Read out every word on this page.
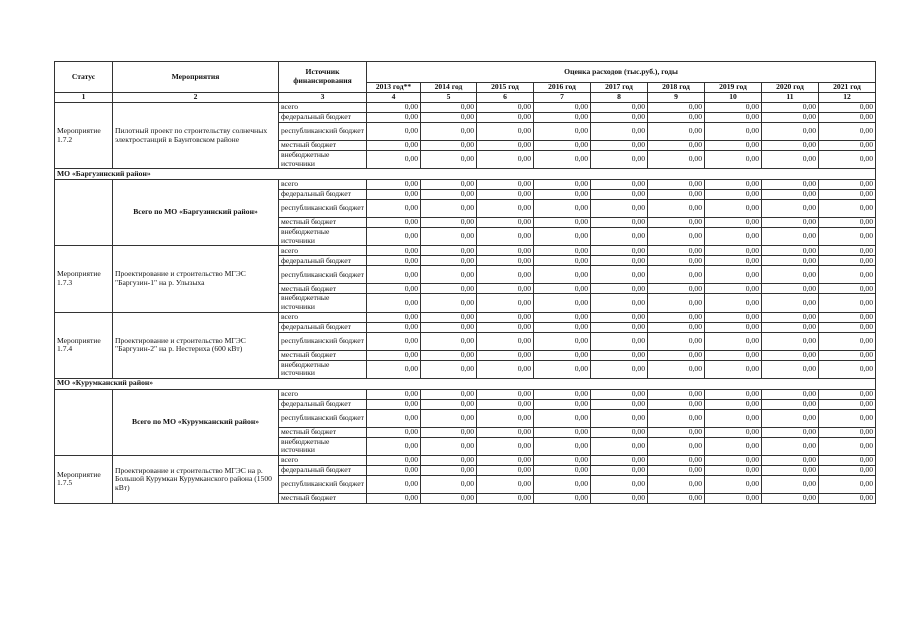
Статус	Мероприятия	Источник финансирования	Оценка расходов (тыс.руб.), годы								
			2013 год**	2014 год	2015 год	2016 год	2017 год	2018 год	2019 год	2020 год	2021 год
1	2	3	4	5	6	7	8	9	10	11	12
Мероприятие 1.7.2	Пилотный проект по строительству солнечных электростанций в Баунтовском районе	всего	0,00	0,00	0,00	0,00	0,00	0,00	0,00	0,00	0,00
		федеральный бюджет	0,00	0,00	0,00	0,00	0,00	0,00	0,00	0,00	0,00
		республиканский бюджет	0,00	0,00	0,00	0,00	0,00	0,00	0,00	0,00	0,00
		местный бюджет	0,00	0,00	0,00	0,00	0,00	0,00	0,00	0,00	0,00
		внебюджетные источники	0,00	0,00	0,00	0,00	0,00	0,00	0,00	0,00	0,00
МО «Баргузинский район»											
	Всего по МО «Баргузинский район»	всего	0,00	0,00	0,00	0,00	0,00	0,00	0,00	0,00	0,00
		федеральный бюджет	0,00	0,00	0,00	0,00	0,00	0,00	0,00	0,00	0,00
		республиканский бюджет	0,00	0,00	0,00	0,00	0,00	0,00	0,00	0,00	0,00
		местный бюджет	0,00	0,00	0,00	0,00	0,00	0,00	0,00	0,00	0,00
		внебюджетные источники	0,00	0,00	0,00	0,00	0,00	0,00	0,00	0,00	0,00
Мероприятие 1.7.3	Проектирование и строительство МГЭС "Баргузин-1" на р. Улызыха	всего	0,00	0,00	0,00	0,00	0,00	0,00	0,00	0,00	0,00
		федеральный бюджет	0,00	0,00	0,00	0,00	0,00	0,00	0,00	0,00	0,00
		республиканский бюджет	0,00	0,00	0,00	0,00	0,00	0,00	0,00	0,00	0,00
		местный бюджет	0,00	0,00	0,00	0,00	0,00	0,00	0,00	0,00	0,00
		внебюджетные источники	0,00	0,00	0,00	0,00	0,00	0,00	0,00	0,00	0,00
Мероприятие 1.7.4	Проектирование и строительство МГЭС "Баргузин-2" на р. Нестериха (600 кВт)	всего	0,00	0,00	0,00	0,00	0,00	0,00	0,00	0,00	0,00
		федеральный бюджет	0,00	0,00	0,00	0,00	0,00	0,00	0,00	0,00	0,00
		республиканский бюджет	0,00	0,00	0,00	0,00	0,00	0,00	0,00	0,00	0,00
		местный бюджет	0,00	0,00	0,00	0,00	0,00	0,00	0,00	0,00	0,00
		внебюджетные источники	0,00	0,00	0,00	0,00	0,00	0,00	0,00	0,00	0,00
МО «Курумканский район»											
	Всего по МО «Курумканский район»	всего	0,00	0,00	0,00	0,00	0,00	0,00	0,00	0,00	0,00
		федеральный бюджет	0,00	0,00	0,00	0,00	0,00	0,00	0,00	0,00	0,00
		республиканский бюджет	0,00	0,00	0,00	0,00	0,00	0,00	0,00	0,00	0,00
		местный бюджет	0,00	0,00	0,00	0,00	0,00	0,00	0,00	0,00	0,00
		внебюджетные источники	0,00	0,00	0,00	0,00	0,00	0,00	0,00	0,00	0,00
Мероприятие 1.7.5	Проектирование и строительство МГЭС на р. Большой Курумкан Курумканского района (1500 кВт)	всего	0,00	0,00	0,00	0,00	0,00	0,00	0,00	0,00	0,00
		федеральный бюджет	0,00	0,00	0,00	0,00	0,00	0,00	0,00	0,00	0,00
		республиканский бюджет	0,00	0,00	0,00	0,00	0,00	0,00	0,00	0,00	0,00
		местный бюджет	0,00	0,00	0,00	0,00	0,00	0,00	0,00	0,00	0,00
